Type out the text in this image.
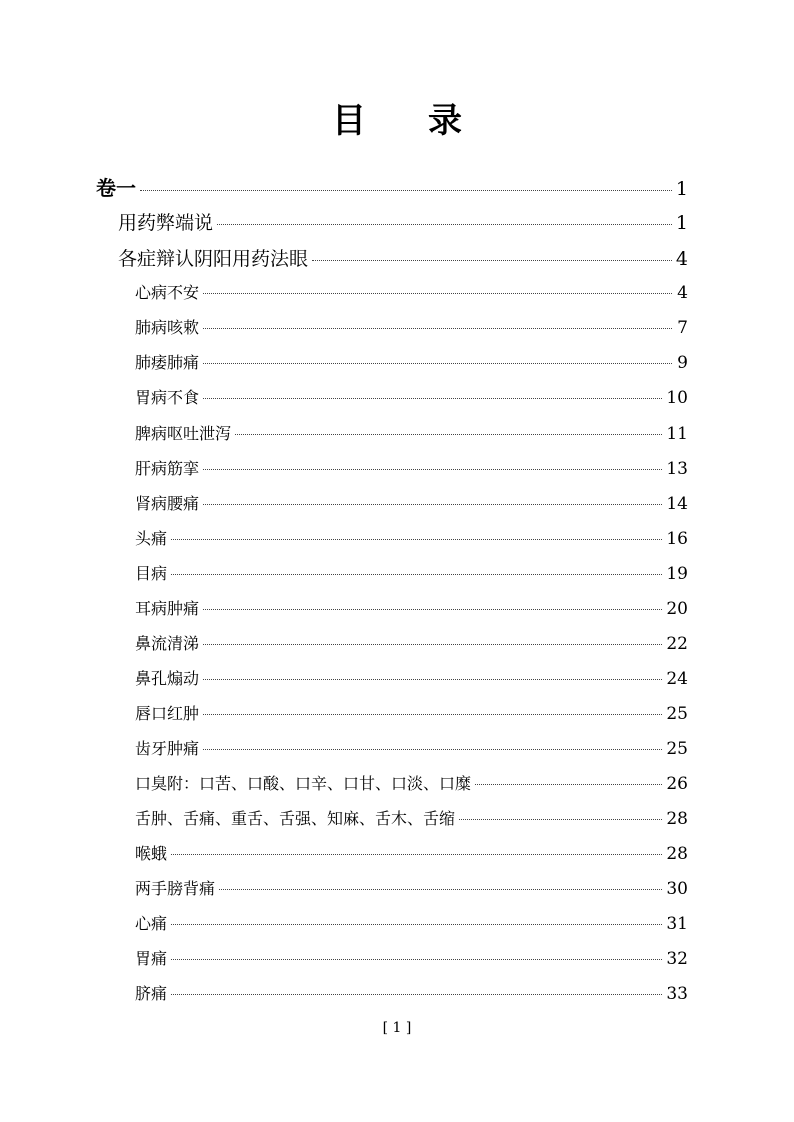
目录
卷一	1
用药弊端说	1
各症辩认阴阳用药法眼	4
心病不安	4
肺病咳欶	7
肺痿肺痛	9
胃病不食	10
脾病呕吐泄泻	11
肝病筋挛	13
肾病腰痛	14
头痛	16
目病	19
耳病肿痛	20
鼻流清涕	22
鼻孔煽动	24
唇口红肿	25
齿牙肿痛	25
口臭附：口苦、口酸、口辛、口甘、口淡、口糜	26
舌肿、舌痛、重舌、舌强、知麻、舌木、舌缩	28
喉蛾	28
两手膀背痛	30
心痛	31
胃痛	32
脐痛	33
[ 1 ]
